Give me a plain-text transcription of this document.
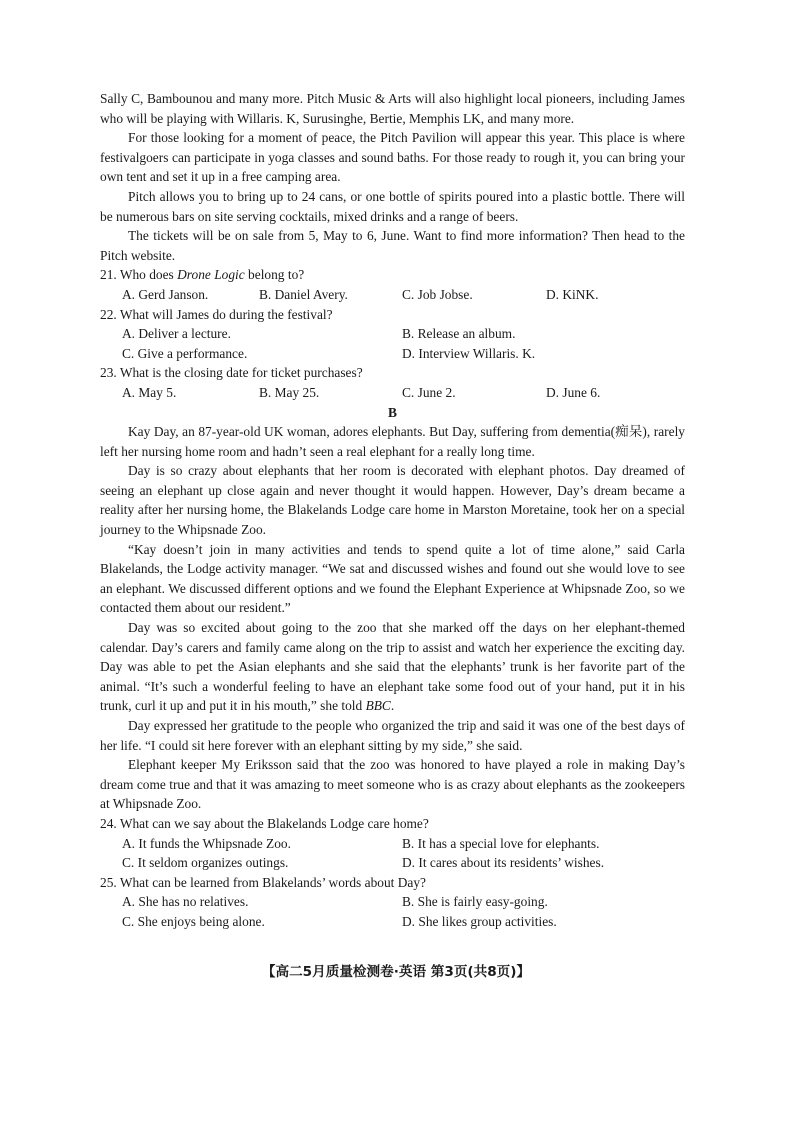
Sally C, Bambounou and many more. Pitch Music & Arts will also highlight local pioneers, including James who will be playing with Willaris. K, Surusinghe, Bertie, Memphis LK, and many more.

For those looking for a moment of peace, the Pitch Pavilion will appear this year. This place is where festivalgoers can participate in yoga classes and sound baths. For those ready to rough it, you can bring your own tent and set it up in a free camping area.

Pitch allows you to bring up to 24 cans, or one bottle of spirits poured into a plastic bottle. There will be numerous bars on site serving cocktails, mixed drinks and a range of beers.

The tickets will be on sale from 5, May to 6, June. Want to find more information? Then head to the Pitch website.

21. Who does Drone Logic belong to?
A. Gerd Janson.	B. Daniel Avery.	C. Job Jobse.	D. KiNK.
22. What will James do during the festival?
A. Deliver a lecture.	B. Release an album.
C. Give a performance.	D. Interview Willaris. K.
23. What is the closing date for ticket purchases?
A. May 5.	B. May 25.	C. June 2.	D. June 6.
B

Kay Day, an 87-year-old UK woman, adores elephants. But Day, suffering from dementia(痴呆), rarely left her nursing home room and hadn’t seen a real elephant for a really long time.

Day is so crazy about elephants that her room is decorated with elephant photos. Day dreamed of seeing an elephant up close again and never thought it would happen. However, Day’s dream became a reality after her nursing home, the Blakelands Lodge care home in Marston Moretaine, took her on a special journey to the Whipsnade Zoo.

“Kay doesn’t join in many activities and tends to spend quite a lot of time alone,” said Carla Blakelands, the Lodge activity manager. “We sat and discussed wishes and found out she would love to see an elephant. We discussed different options and we found the Elephant Experience at Whipsnade Zoo, so we contacted them about our resident.”

Day was so excited about going to the zoo that she marked off the days on her elephant-themed calendar. Day’s carers and family came along on the trip to assist and watch her experience the exciting day. Day was able to pet the Asian elephants and she said that the elephants’ trunk is her favorite part of the animal. “It’s such a wonderful feeling to have an elephant take some food out of your hand, put it in his trunk, curl it up and put it in his mouth,” she told BBC.

Day expressed her gratitude to the people who organized the trip and said it was one of the best days of her life. “I could sit here forever with an elephant sitting by my side,” she said.

Elephant keeper My Eriksson said that the zoo was honored to have played a role in making Day’s dream come true and that it was amazing to meet someone who is as crazy about elephants as the zookeepers at Whipsnade Zoo.

24. What can we say about the Blakelands Lodge care home?
A. It funds the Whipsnade Zoo.	B. It has a special love for elephants.
C. It seldom organizes outings.	D. It cares about its residents’ wishes.
25. What can be learned from Blakelands’ words about Day?
A. She has no relatives.	B. She is fairly easy-going.
C. She enjoys being alone.	D. She likes group activities.
【高二5月质量检测卷·英语 第3页(共8页)】
